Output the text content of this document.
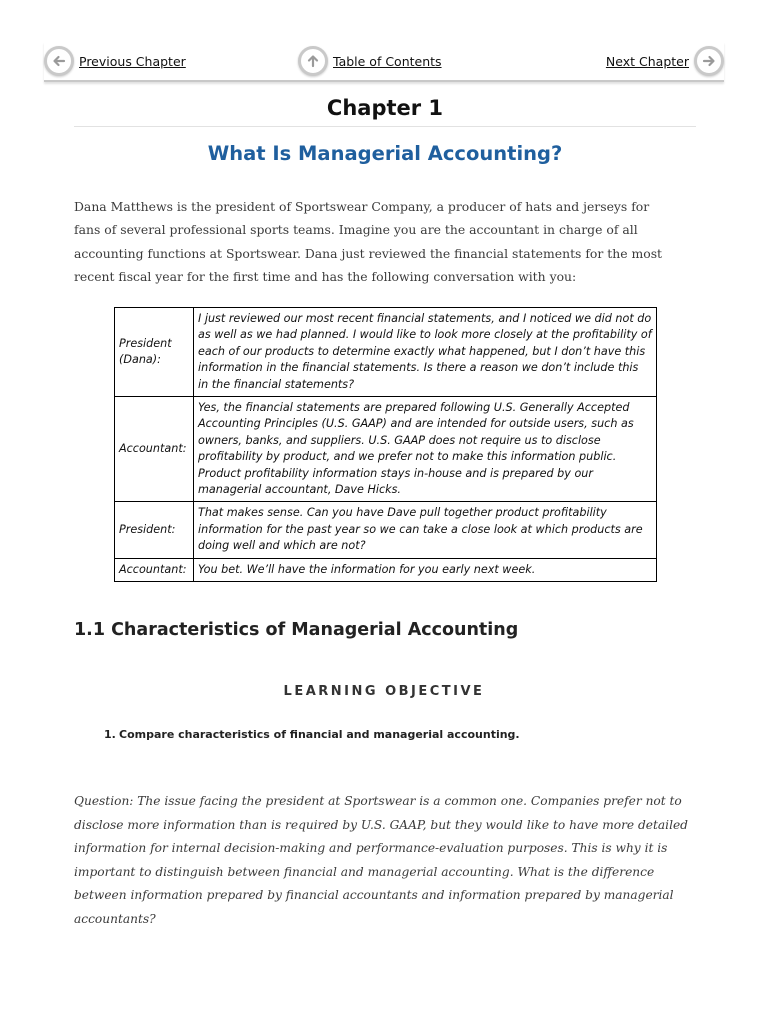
Previous Chapter	Table of Contents	Next Chapter
Chapter 1
What Is Managerial Accounting?

Dana Matthews is the president of Sportswear Company, a producer of hats and jerseys for fans of several professional sports teams. Imagine you are the accountant in charge of all accounting functions at Sportswear. Dana just reviewed the financial statements for the most recent fiscal year for the first time and has the following conversation with you:

President (Dana):	I just reviewed our most recent financial statements, and I noticed we did not do as well as we had planned. I would like to look more closely at the profitability of each of our products to determine exactly what happened, but I don’t have this information in the financial statements. Is there a reason we don’t include this in the financial statements?
Accountant:	Yes, the financial statements are prepared following U.S. Generally Accepted Accounting Principles (U.S. GAAP) and are intended for outside users, such as owners, banks, and suppliers. U.S. GAAP does not require us to disclose profitability by product, and we prefer not to make this information public. Product profitability information stays in-house and is prepared by our managerial accountant, Dave Hicks.
President:	That makes sense. Can you have Dave pull together product profitability information for the past year so we can take a close look at which products are doing well and which are not?
Accountant:	You bet. We’ll have the information for you early next week.
1.1 Characteristics of Managerial Accounting
LEARNING OBJECTIVE
1. Compare characteristics of financial and managerial accounting.

Question: The issue facing the president at Sportswear is a common one. Companies prefer not to disclose more information than is required by U.S. GAAP, but they would like to have more detailed information for internal decision-making and performance-evaluation purposes. This is why it is important to distinguish between financial and managerial accounting. What is the difference between information prepared by financial accountants and information prepared by managerial accountants?
